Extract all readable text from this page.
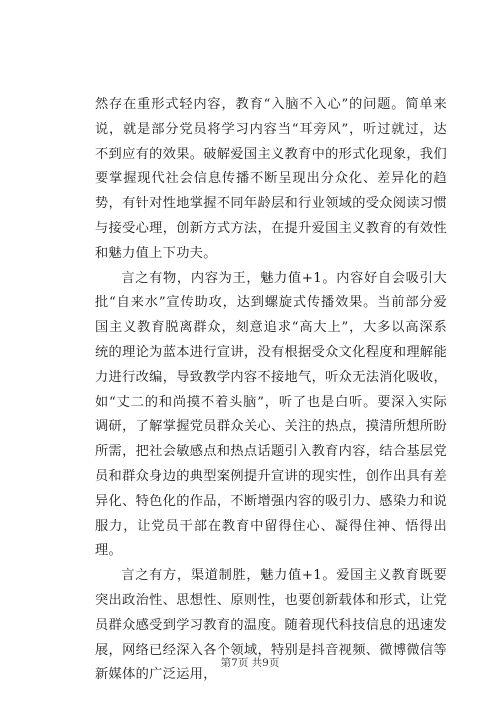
然存在重形式轻内容，教育“入脑不入心”的问题。简单来说，就是部分党员将学习内容当“耳旁风”，听过就过，达不到应有的效果。破解爱国主义教育中的形式化现象，我们要掌握现代社会信息传播不断呈现出分众化、差异化的趋势，有针对性地掌握不同年龄层和行业领域的受众阅读习惯与接受心理，创新方式方法，在提升爱国主义教育的有效性和魅力值上下功夫。

言之有物，内容为王，魅力值+1。内容好自会吸引大批“自来水”宣传助攻，达到螺旋式传播效果。当前部分爱国主义教育脱离群众，刻意追求“高大上”，大多以高深系统的理论为蓝本进行宣讲，没有根据受众文化程度和理解能力进行改编，导致教学内容不接地气，听众无法消化吸收，如“丈二的和尚摸不着头脑”，听了也是白听。要深入实际调研，了解掌握党员群众关心、关注的热点，摸清所想所盼所需，把社会敏感点和热点话题引入教育内容，结合基层党员和群众身边的典型案例提升宣讲的现实性，创作出具有差异化、特色化的作品，不断增强内容的吸引力、感染力和说服力，让党员干部在教育中留得住心、凝得住神、悟得出理。

言之有方，渠道制胜，魅力值+1。爱国主义教育既要突出政治性、思想性、原则性，也要创新载体和形式，让党员群众感受到学习教育的温度。随着现代科技信息的迅速发展，网络已经深入各个领域，特别是抖音视频、微博微信等新媒体的广泛运用，

第7页 共9页
